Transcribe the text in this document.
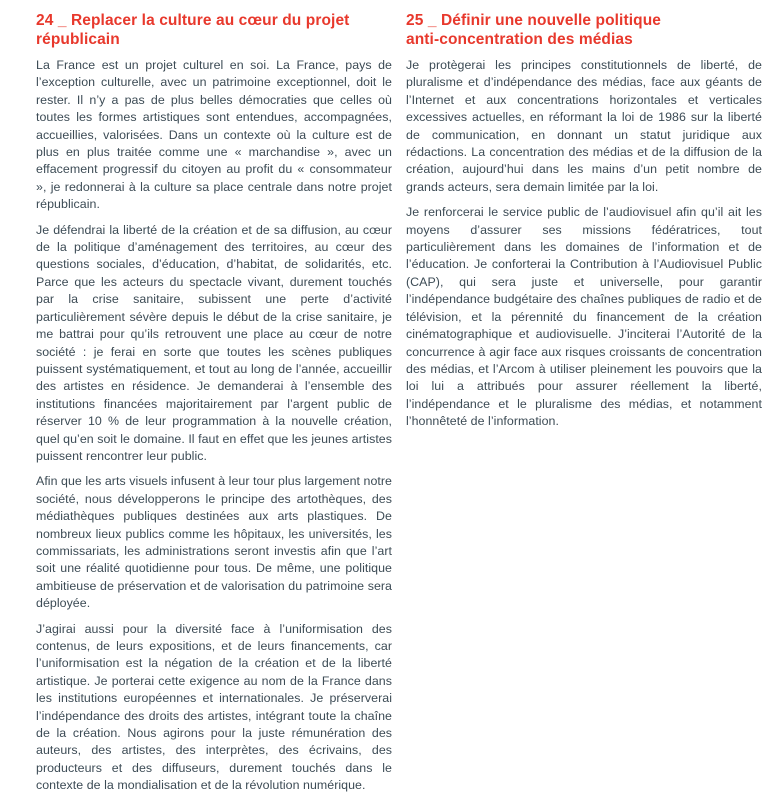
24 _ Replacer la culture au cœur du projet
républicain

La France est un projet culturel en soi. La France, pays de l’exception culturelle, avec un patrimoine exceptionnel, doit le rester. Il n’y a pas de plus belles démocraties que celles où toutes les formes artistiques sont entendues, accompagnées, accueillies, valorisées. Dans un contexte où la culture est de plus en plus traitée comme une « marchandise », avec un effacement progressif du citoyen au profit du « consommateur », je redonnerai à la culture sa place centrale dans notre projet républicain.

Je défendrai la liberté de la création et de sa diffusion, au cœur de la politique d’aménagement des territoires, au cœur des questions sociales, d’éducation, d’habitat, de solidarités, etc. Parce que les acteurs du spectacle vivant, durement touchés par la crise sanitaire, subissent une perte d’activité particulièrement sévère depuis le début de la crise sanitaire, je me battrai pour qu’ils retrouvent une place au cœur de notre société : je ferai en sorte que toutes les scènes publiques puissent systématiquement, et tout au long de l’année, accueillir des artistes en résidence. Je demanderai à l’ensemble des institutions financées majoritairement par l’argent public de réserver 10 % de leur programmation à la nouvelle création, quel qu’en soit le domaine. Il faut en effet que les jeunes artistes puissent rencontrer leur public.

Afin que les arts visuels infusent à leur tour plus largement notre société, nous développerons le principe des artothèques, des médiathèques publiques destinées aux arts plastiques. De nombreux lieux publics comme les hôpitaux, les universités, les commissariats, les administrations seront investis afin que l’art soit une réalité quotidienne pour tous. De même, une politique ambitieuse de préservation et de valorisation du patrimoine sera déployée.

J’agirai aussi pour la diversité face à l’uniformisation des contenus, de leurs expositions, et de leurs financements, car l’uniformisation est la négation de la création et de la liberté artistique. Je porterai cette exigence au nom de la France dans les institutions européennes et internationales. Je préserverai l’indépendance des droits des artistes, intégrant toute la chaîne de la création. Nous agirons pour la juste rémunération des auteurs, des artistes, des interprètes, des écrivains, des producteurs et des diffuseurs, durement touchés dans le contexte de la mondialisation et de la révolution numérique.

25 _ Définir une nouvelle politique
anti-concentration des médias

Je protègerai les principes constitutionnels de liberté, de pluralisme et d’indépendance des médias, face aux géants de l’Internet et aux concentrations horizontales et verticales excessives actuelles, en réformant la loi de 1986 sur la liberté de communication, en donnant un statut juridique aux rédactions. La concentration des médias et de la diffusion de la création, aujourd’hui dans les mains d’un petit nombre de grands acteurs, sera demain limitée par la loi.

Je renforcerai le service public de l’audiovisuel afin qu’il ait les moyens d’assurer ses missions fédératrices, tout particulièrement dans les domaines de l’information et de l’éducation. Je conforterai la Contribution à l’Audiovisuel Public (CAP), qui sera juste et universelle, pour garantir l’indépendance budgétaire des chaînes publiques de radio et de télévision, et la pérennité du financement de la création cinématographique et audiovisuelle. J’inciterai l’Autorité de la concurrence à agir face aux risques croissants de concentration des médias, et l’Arcom à utiliser pleinement les pouvoirs que la loi lui a attribués pour assurer réellement la liberté, l’indépendance et le pluralisme des médias, et notamment l’honnêteté de l’information.
